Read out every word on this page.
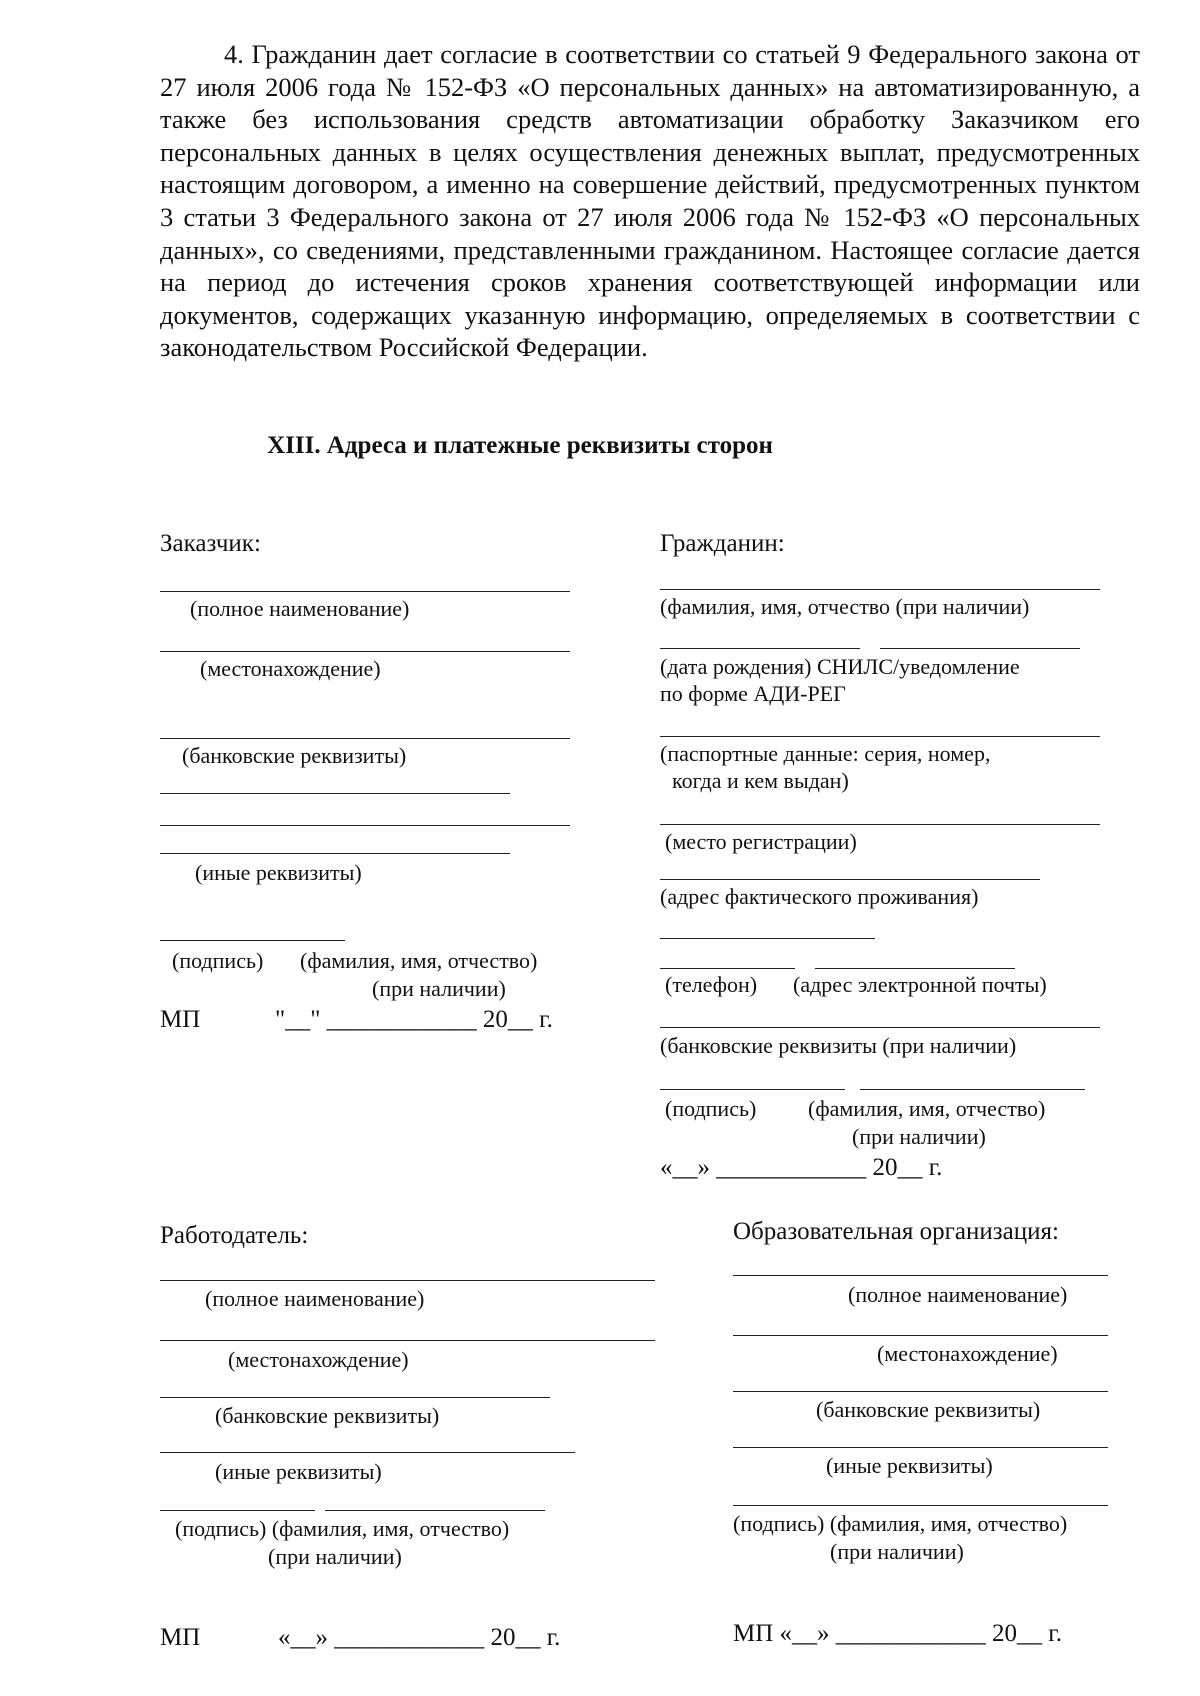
4. Гражданин дает согласие в соответствии со статьей 9 Федерального закона от 27 июля 2006 года № 152-ФЗ «О персональных данных» на автоматизированную, а также без использования средств автоматизации обработку Заказчиком его персональных данных в целях осуществления денежных выплат, предусмотренных настоящим договором, а именно на совершение действий, предусмотренных пунктом 3 статьи 3 Федерального закона от 27 июля 2006 года № 152-ФЗ «О персональных данных», со сведениями, представленными гражданином. Настоящее согласие дается на период до истечения сроков хранения соответствующей информации или документов, содержащих указанную информацию, определяемых в соответствии с законодательством Российской Федерации.

XIII. Адреса и платежные реквизиты сторон
Заказчик:
(полное наименование)
(местонахождение)
(банковские реквизиты)
(иные реквизиты)
(подпись) (фамилия, имя, отчество)
(при наличии)
МП	"__" ____________ 20__ г.
Гражданин:
(фамилия, имя, отчество (при наличии)
(дата рождения) СНИЛС/уведомление
по форме АДИ-РЕГ
(паспортные данные: серия, номер,
когда и кем выдан)
(место регистрации)
(адрес фактического проживания)
(телефон) (адрес электронной почты)
(банковские реквизиты (при наличии)
(подпись) (фамилия, имя, отчество)
(при наличии)
«__» ____________ 20__ г.
Работодатель:
(полное наименование)
(местонахождение)
(банковские реквизиты)
(иные реквизиты)
(подпись) (фамилия, имя, отчество)
(при наличии)
МП	«__» ____________ 20__ г.
Образовательная организация:
(полное наименование)
(местонахождение)
(банковские реквизиты)
(иные реквизиты)
(подпись) (фамилия, имя, отчество)
(при наличии)
МП «__» ____________ 20__ г.
